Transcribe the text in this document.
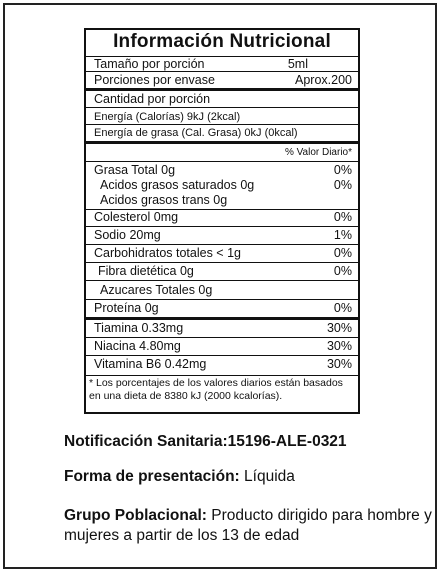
Información Nutricional
Tamaño por porción	5ml
Porciones por envase	Aprox.200
Cantidad por porción
Energía (Calorías) 9kJ (2kcal)
Energía de grasa (Cal. Grasa) 0kJ (0kcal)
% Valor Diario*
Grasa Total 0g	0%
Acidos grasos saturados 0g	0%
Acidos grasos trans 0g
Colesterol 0mg	0%
Sodio 20mg	1%
Carbohidratos totales < 1g	0%
Fibra dietética 0g	0%
Azucares Totales 0g
Proteína 0g	0%
Tiamina 0.33mg	30%
Niacina 4.80mg	30%
Vitamina B6 0.42mg	30%
* Los porcentajes de los valores diarios están basados en una dieta de 8380 kJ (2000 kcalorías).
Notificación Sanitaria:15196-ALE-0321
Forma de presentación: Líquida
Grupo Poblacional: Producto dirigido para hombre y mujeres a partir de los 13 de edad
